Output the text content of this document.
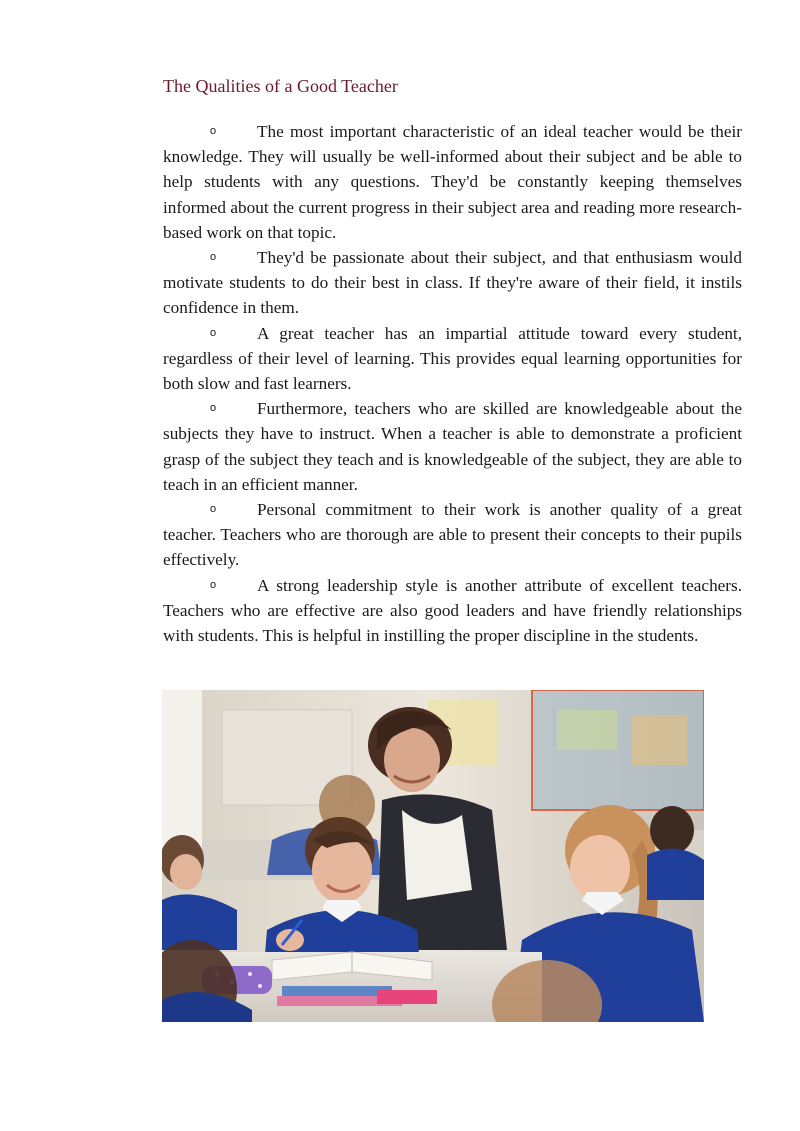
The Qualities of a Good Teacher

o The most important characteristic of an ideal teacher would be their knowledge. They will usually be well-informed about their subject and be able to help students with any questions. They'd be constantly keeping themselves informed about the current progress in their subject area and reading more research-based work on that topic.

o They'd be passionate about their subject, and that enthusiasm would motivate students to do their best in class. If they're aware of their field, it instils confidence in them.

o A great teacher has an impartial attitude toward every student, regardless of their level of learning. This provides equal learning opportunities for both slow and fast learners.

o Furthermore, teachers who are skilled are knowledgeable about the subjects they have to instruct. When a teacher is able to demonstrate a proficient grasp of the subject they teach and is knowledgeable of the subject, they are able to teach in an efficient manner.

o Personal commitment to their work is another quality of a great teacher. Teachers who are thorough are able to present their concepts to their pupils effectively.

o A strong leadership style is another attribute of excellent teachers. Teachers who are effective are also good leaders and have friendly relationships with students. This is helpful in instilling the proper discipline in the students.
